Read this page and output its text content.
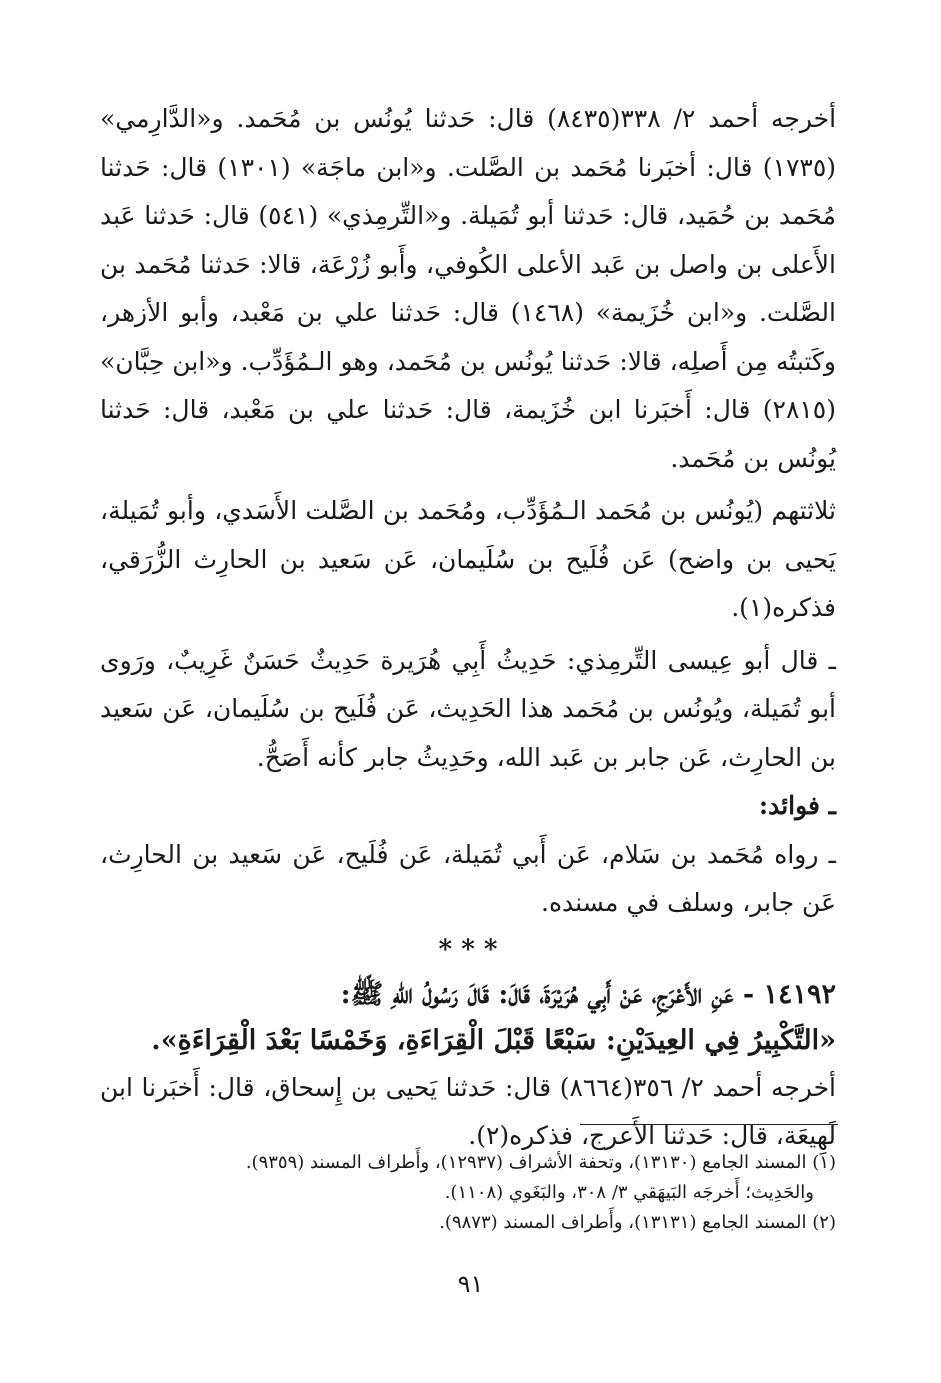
أخرجه أحمد ٢/ ٣٣٨(٨٤٣٥) قال: حَدثنا يُونُس بن مُحَمد. و«الدَّارِمي» (١٧٣٥) قال: أخبَرنا مُحَمد بن الصَّلت. و«ابن ماجَة» (١٣٠١) قال: حَدثنا مُحَمد بن حُمَيد، قال: حَدثنا أبو تُمَيلة. و«التِّرمِذي» (٥٤١) قال: حَدثنا عَبد الأَعلى بن واصل بن عَبد الأعلى الكُوفي، وأَبو زُرْعَة، قالا: حَدثنا مُحَمد بن الصَّلت. و«ابن خُزَيمة» (١٤٦٨) قال: حَدثنا علي بن مَعْبد، وأبو الأزهر، وكَتبتُه مِن أَصلِه، قالا: حَدثنا يُونُس بن مُحَمد، وهو الـمُؤَدِّب. و«ابن حِبَّان» (٢٨١٥) قال: أَخبَرنا ابن خُزَيمة، قال: حَدثنا علي بن مَعْبد، قال: حَدثنا يُونُس بن مُحَمد.

ثلاثتهم (يُونُس بن مُحَمد الـمُؤَدِّب، ومُحَمد بن الصَّلت الأَسَدي، وأبو تُمَيلة، يَحيى بن واضح) عَن فُلَيح بن سُلَيمان، عَن سَعيد بن الحارِث الزُّرَقي، فذكره(١).

ـ قال أبو عِيسى التِّرمِذي: حَدِيثُ أَبِي هُرَيرة حَدِيثٌ حَسَنٌ غَرِيبٌ، ورَوى أبو تُمَيلة، ويُونُس بن مُحَمد هذا الحَدِيث، عَن فُلَيح بن سُلَيمان، عَن سَعيد بن الحارِث، عَن جابر بن عَبد الله، وحَدِيثُ جابر كأنه أَصَحُّ.

ـ فوائد:

ـ رواه مُحَمد بن سَلام، عَن أَبي تُمَيلة، عَن فُلَيح، عَن سَعيد بن الحارِث، عَن جابر، وسلف في مسنده.

* * *

١٤١٩٢ - عَنِ الأَعْرَجِ، عَنْ أَبِي هُرَيْرَةَ، قَالَ: قَالَ رَسُولُ اللهِ ﷺ:

«التَّكْبِيرُ فِي العِيدَيْنِ: سَبْعًا قَبْلَ الْقِرَاءَةِ، وَخَمْسًا بَعْدَ الْقِرَاءَةِ».

أخرجه أحمد ٢/ ٣٥٦(٨٦٦٤) قال: حَدثنا يَحيى بن إِسحاق، قال: أَخبَرنا ابن لَهِيعَة، قال: حَدثنا الأَعرج، فذكره(٢).

(١) المسند الجامع (١٣١٣٠)، وتحفة الأشراف (١٢٩٣٧)، وأَطراف المسند (٩٣٥٩).

والحَدِيث؛ أَخرجَه البَيهَقي ٣/ ٣٠٨، والبَغَوي (١١٠٨).

(٢) المسند الجامع (١٣١٣١)، وأَطراف المسند (٩٨٧٣).

٩١
